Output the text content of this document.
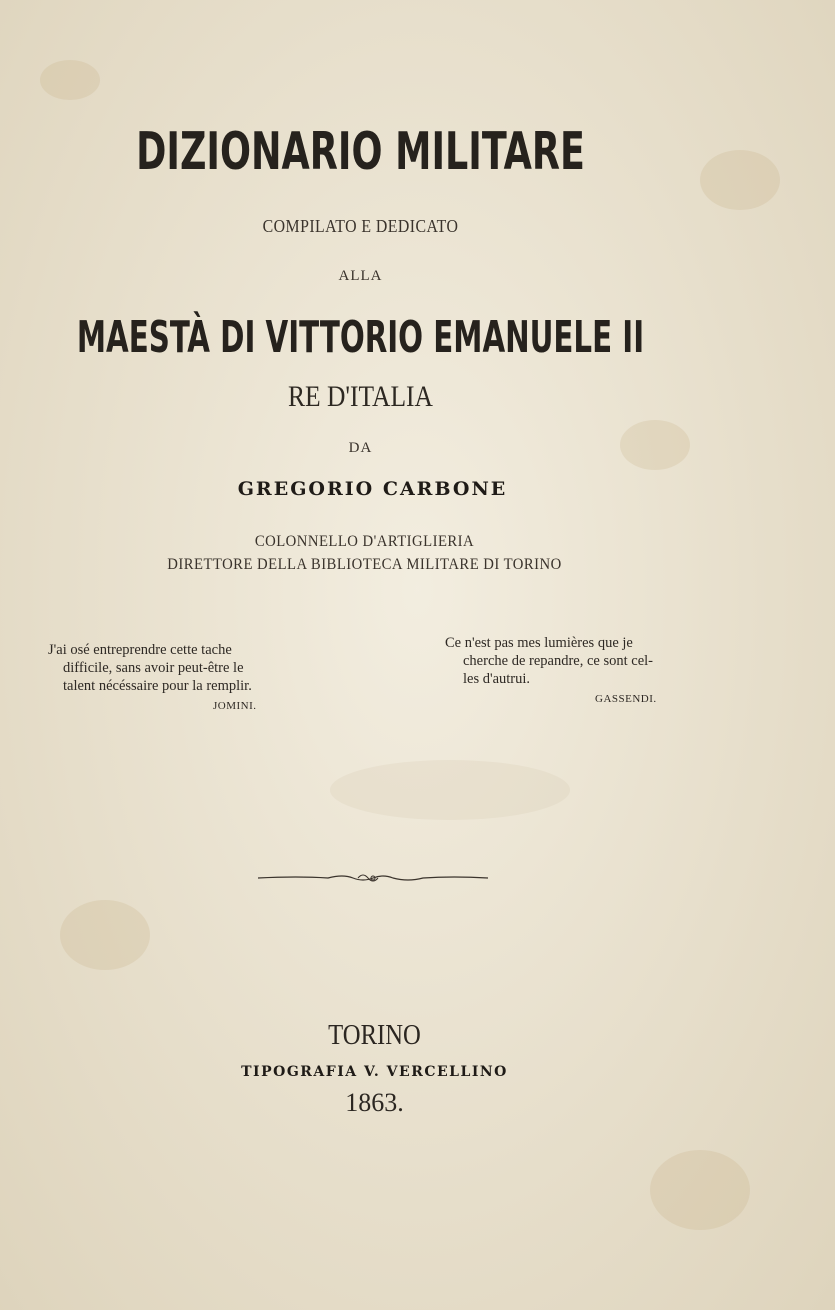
DIZIONARIO MILITARE
COMPILATO E DEDICATO
ALLA
MAESTÀ DI VITTORIO EMANUELE II
RE D'ITALIA
DA
GREGORIO CARBONE
COLONNELLO D'ARTIGLIERIA
DIRETTORE DELLA BIBLIOTECA MILITARE DI TORINO
J'ai osé entreprendre cette tache
difficile, sans avoir peut-être le
talent nécéssaire pour la remplir.
JOMINI.
Ce n'est pas mes lumières que je
cherche de repandre, ce sont cel-
les d'autrui.
GASSENDI.
TORINO
TIPOGRAFIA V. VERCELLINO
1863.
